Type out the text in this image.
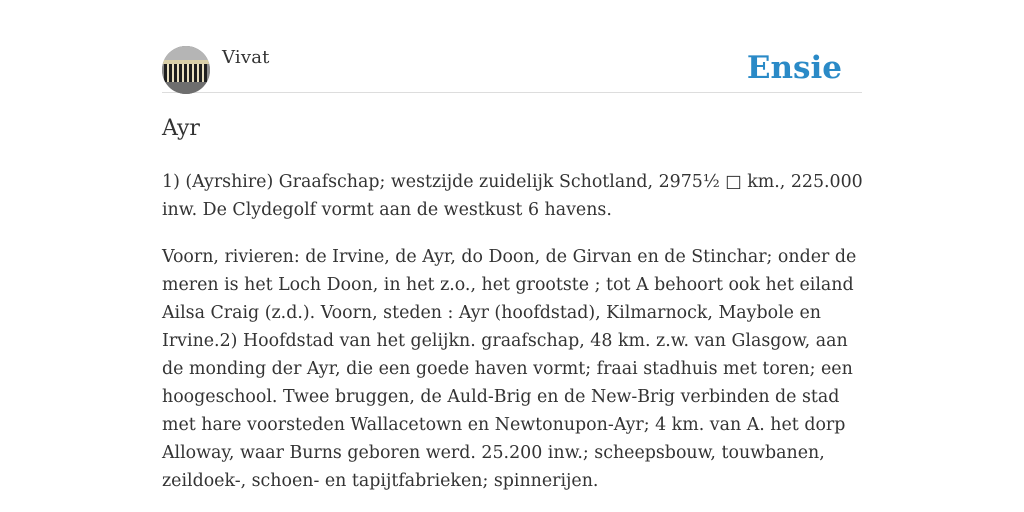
Vivat	Ensie
Ayr

1) (Ayrshire) Graafschap; westzijde zuidelijk Schotland, 2975½ □ km., 225.000 inw. De Clydegolf vormt aan de westkust 6 havens.

Voorn, rivieren: de Irvine, de Ayr, do Doon, de Girvan en de Stinchar; onder de meren is het Loch Doon, in het z.o., het grootste ; tot A behoort ook het eiland Ailsa Craig (z.d.). Voorn, steden : Ayr (hoofdstad), Kilmarnock, Maybole en Irvine.2) Hoofdstad van het gelijkn. graafschap, 48 km. z.w. van Glasgow, aan de monding der Ayr, die een goede haven vormt; fraai stadhuis met toren; een hoogeschool. Twee bruggen, de Auld-Brig en de New-Brig verbinden de stad met hare voorsteden Wallacetown en Newtonupon-Ayr; 4 km. van A. het dorp Alloway, waar Burns geboren werd. 25.200 inw.; scheepsbouw, touwbanen, zeildoek-, schoen- en tapijtfabrieken; spinnerijen.
